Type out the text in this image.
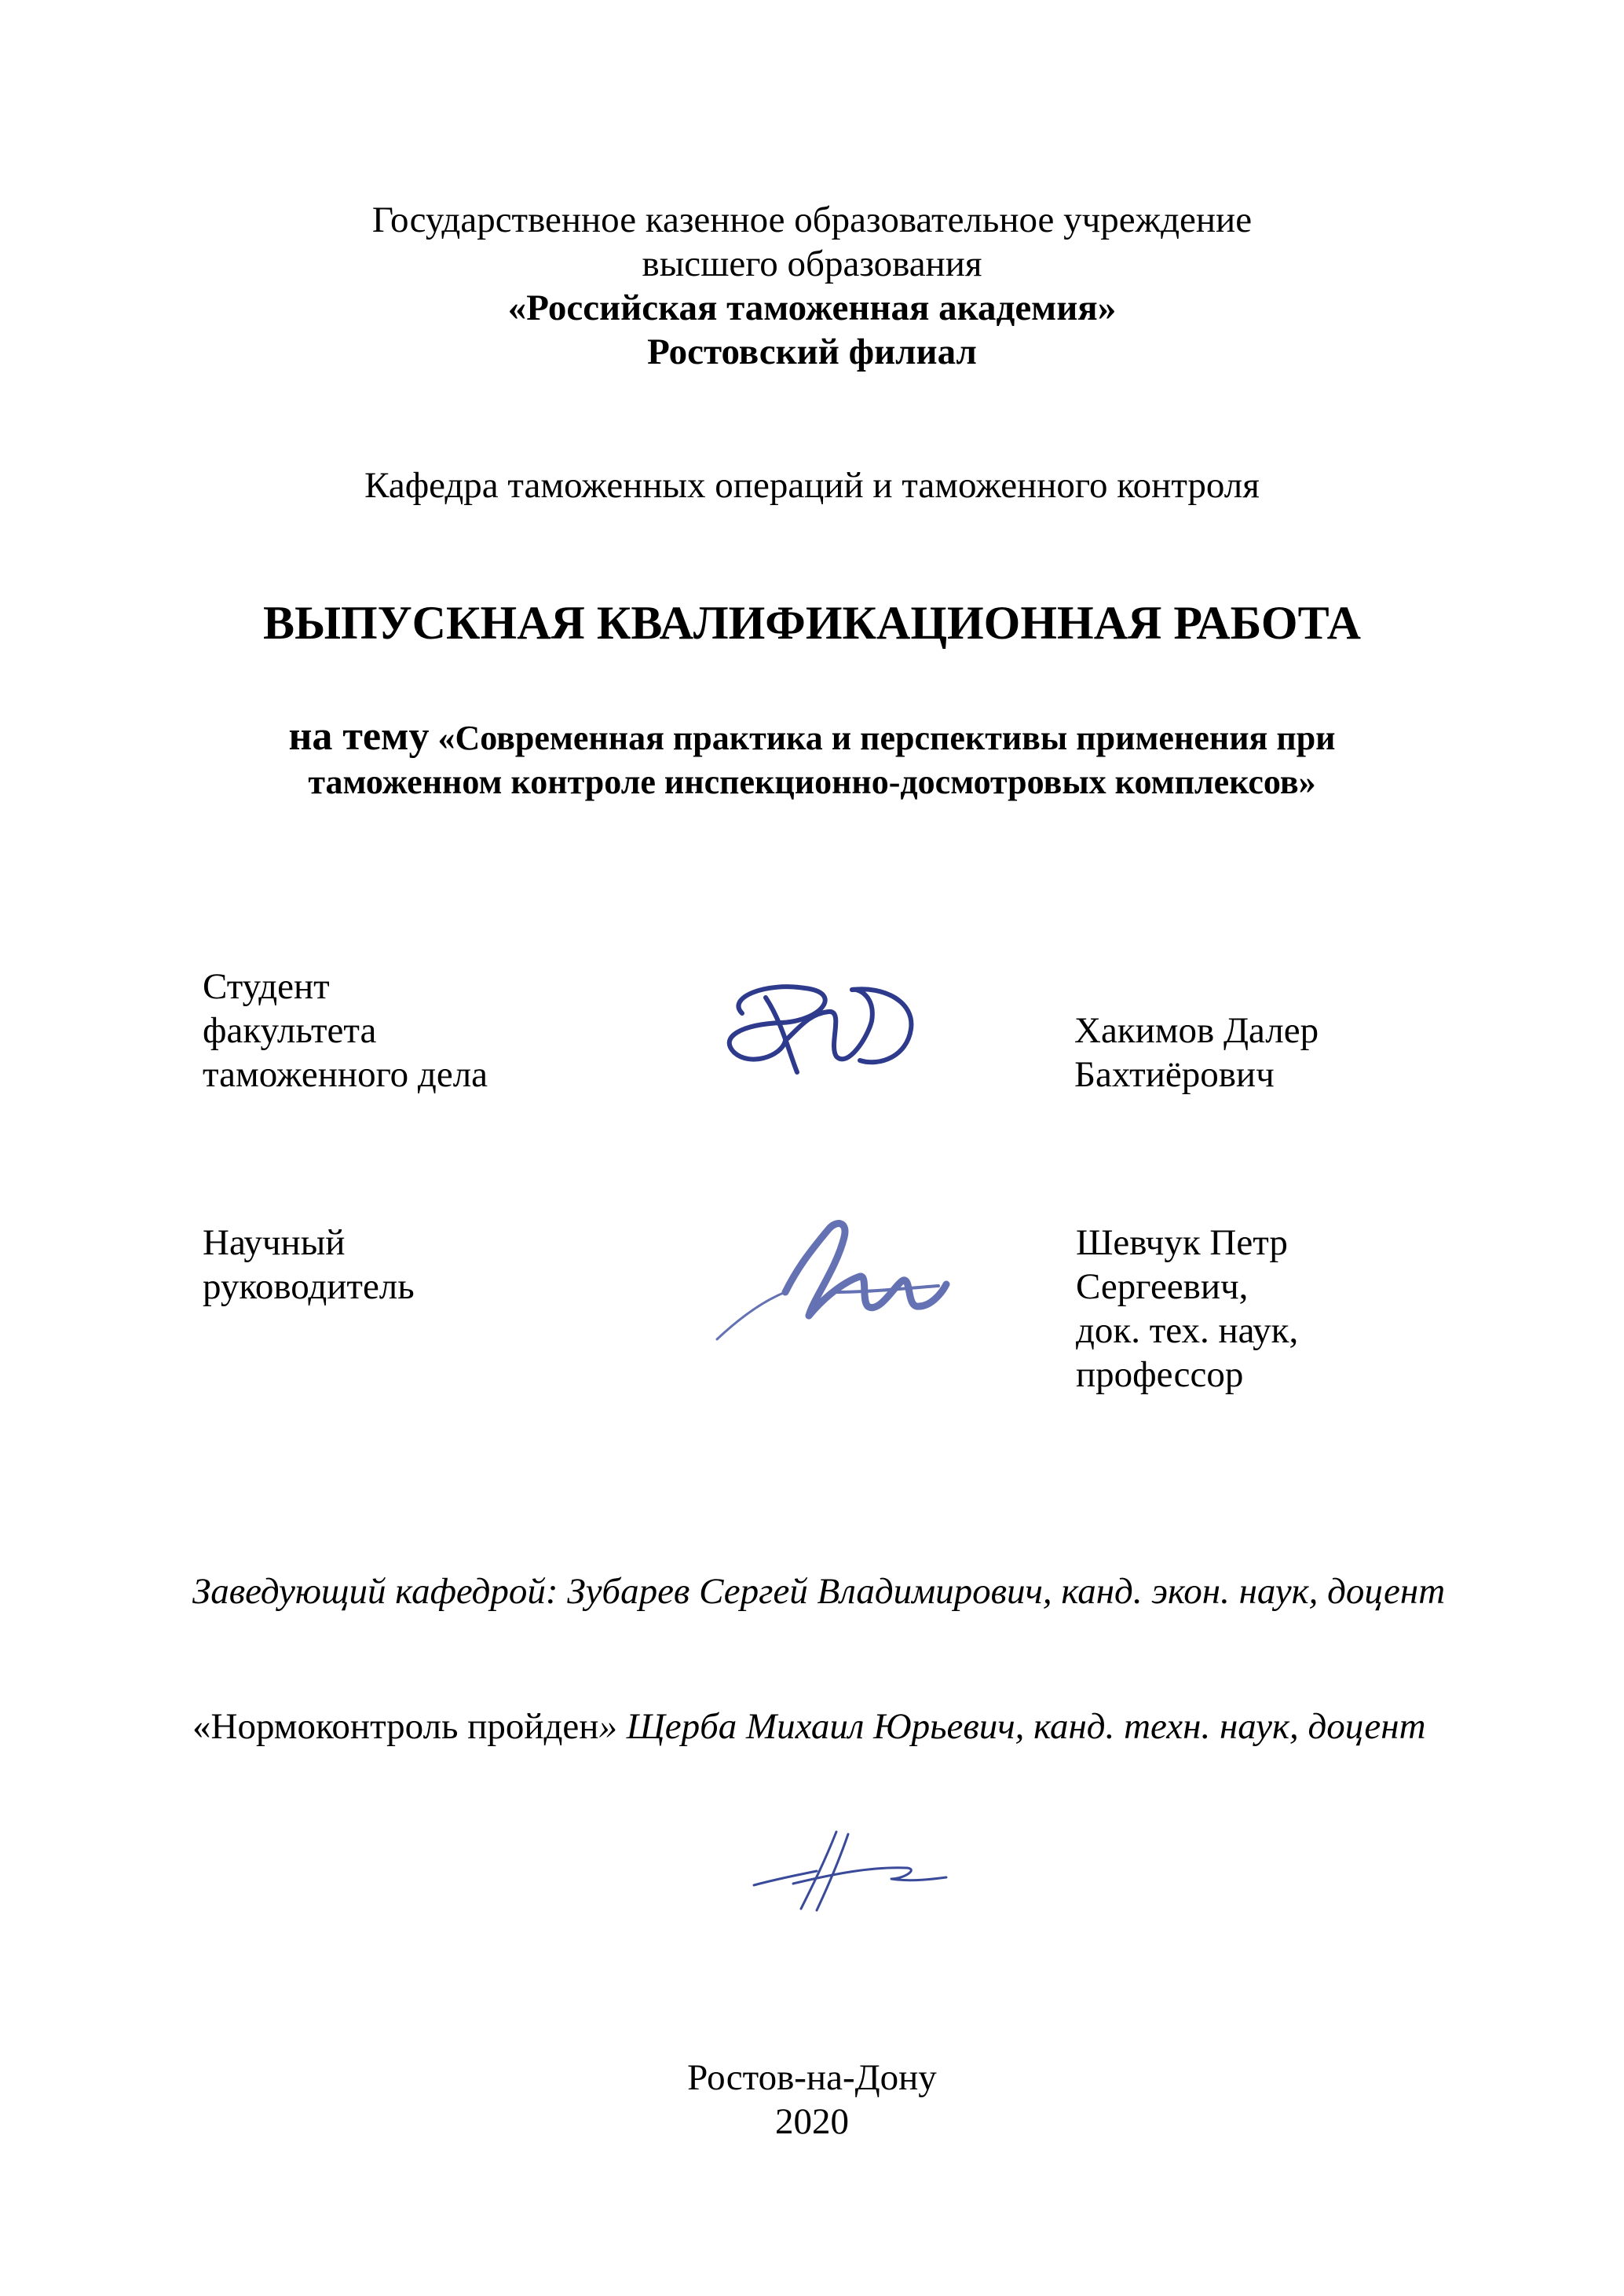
Государственное казенное образовательное учреждение
высшего образования
«Российская таможенная академия»
Ростовский филиал
Кафедра таможенных операций и таможенного контроля
ВЫПУСКНАЯ КВАЛИФИКАЦИОННАЯ РАБОТА
на тему «Современная практика и перспективы применения при
таможенном контроле инспекционно-досмотровых комплексов»
Студент
факультета
таможенного дела
Хакимов Далер
Бахтиёрович
Научный
руководитель
Шевчук Петр
Сергеевич,
док. тех. наук,
профессор
Заведующий кафедрой: Зубарев Сергей Владимирович, канд. экон. наук, доцент
«Нормоконтроль пройден» Щерба Михаил Юрьевич, канд. техн. наук, доцент
Ростов-на-Дону
2020
